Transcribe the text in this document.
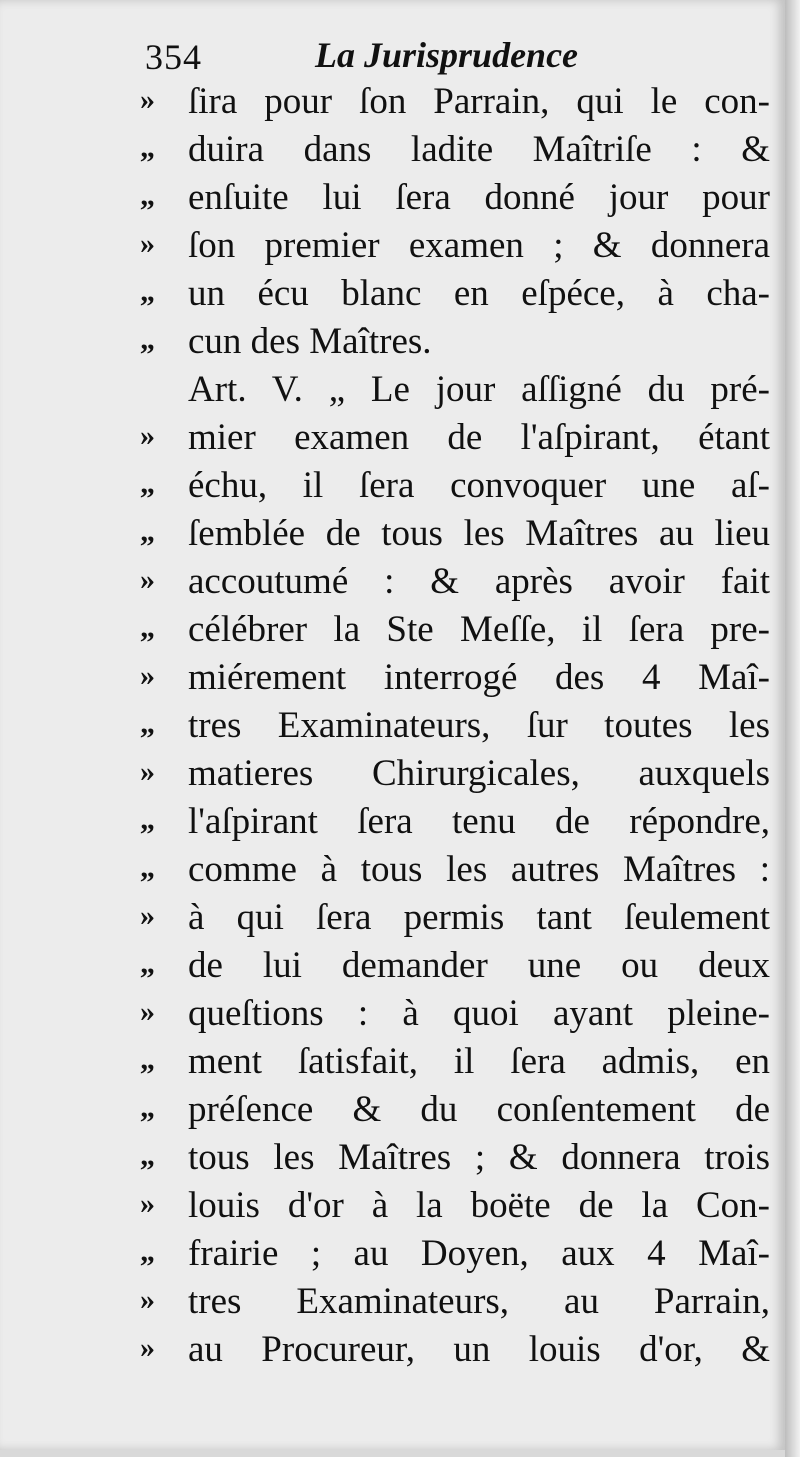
354	La Jurisprudence
» ſira pour ſon Parrain, qui le con-
„ duira dans ladite Maîtriſe : &
„ enſuite lui ſera donné jour pour
» ſon premier examen ; & donnera
„ un écu blanc en eſpéce, à cha-
„ cun des Maîtres.
Art. V. „ Le jour aſſigné du pré-
» mier examen de l'aſpirant, étant
„ échu, il ſera convoquer une aſ-
„ ſemblée de tous les Maîtres au lieu
» accoutumé : & après avoir fait
„ célébrer la Ste Meſſe, il ſera pre-
» miérement interrogé des 4 Maî-
„ tres Examinateurs, ſur toutes les
» matieres Chirurgicales, auxquels
„ l'aſpirant ſera tenu de répondre,
„ comme à tous les autres Maîtres :
» à qui ſera permis tant ſeulement
„ de lui demander une ou deux
» queſtions : à quoi ayant pleine-
„ ment ſatisfait, il ſera admis, en
„ préſence & du conſentement de
„ tous les Maîtres ; & donnera trois
» louis d'or à la boëte de la Con-
„ frairie ; au Doyen, aux 4 Maî-
» tres Examinateurs, au Parrain,
» au Procureur, un louis d'or, &
